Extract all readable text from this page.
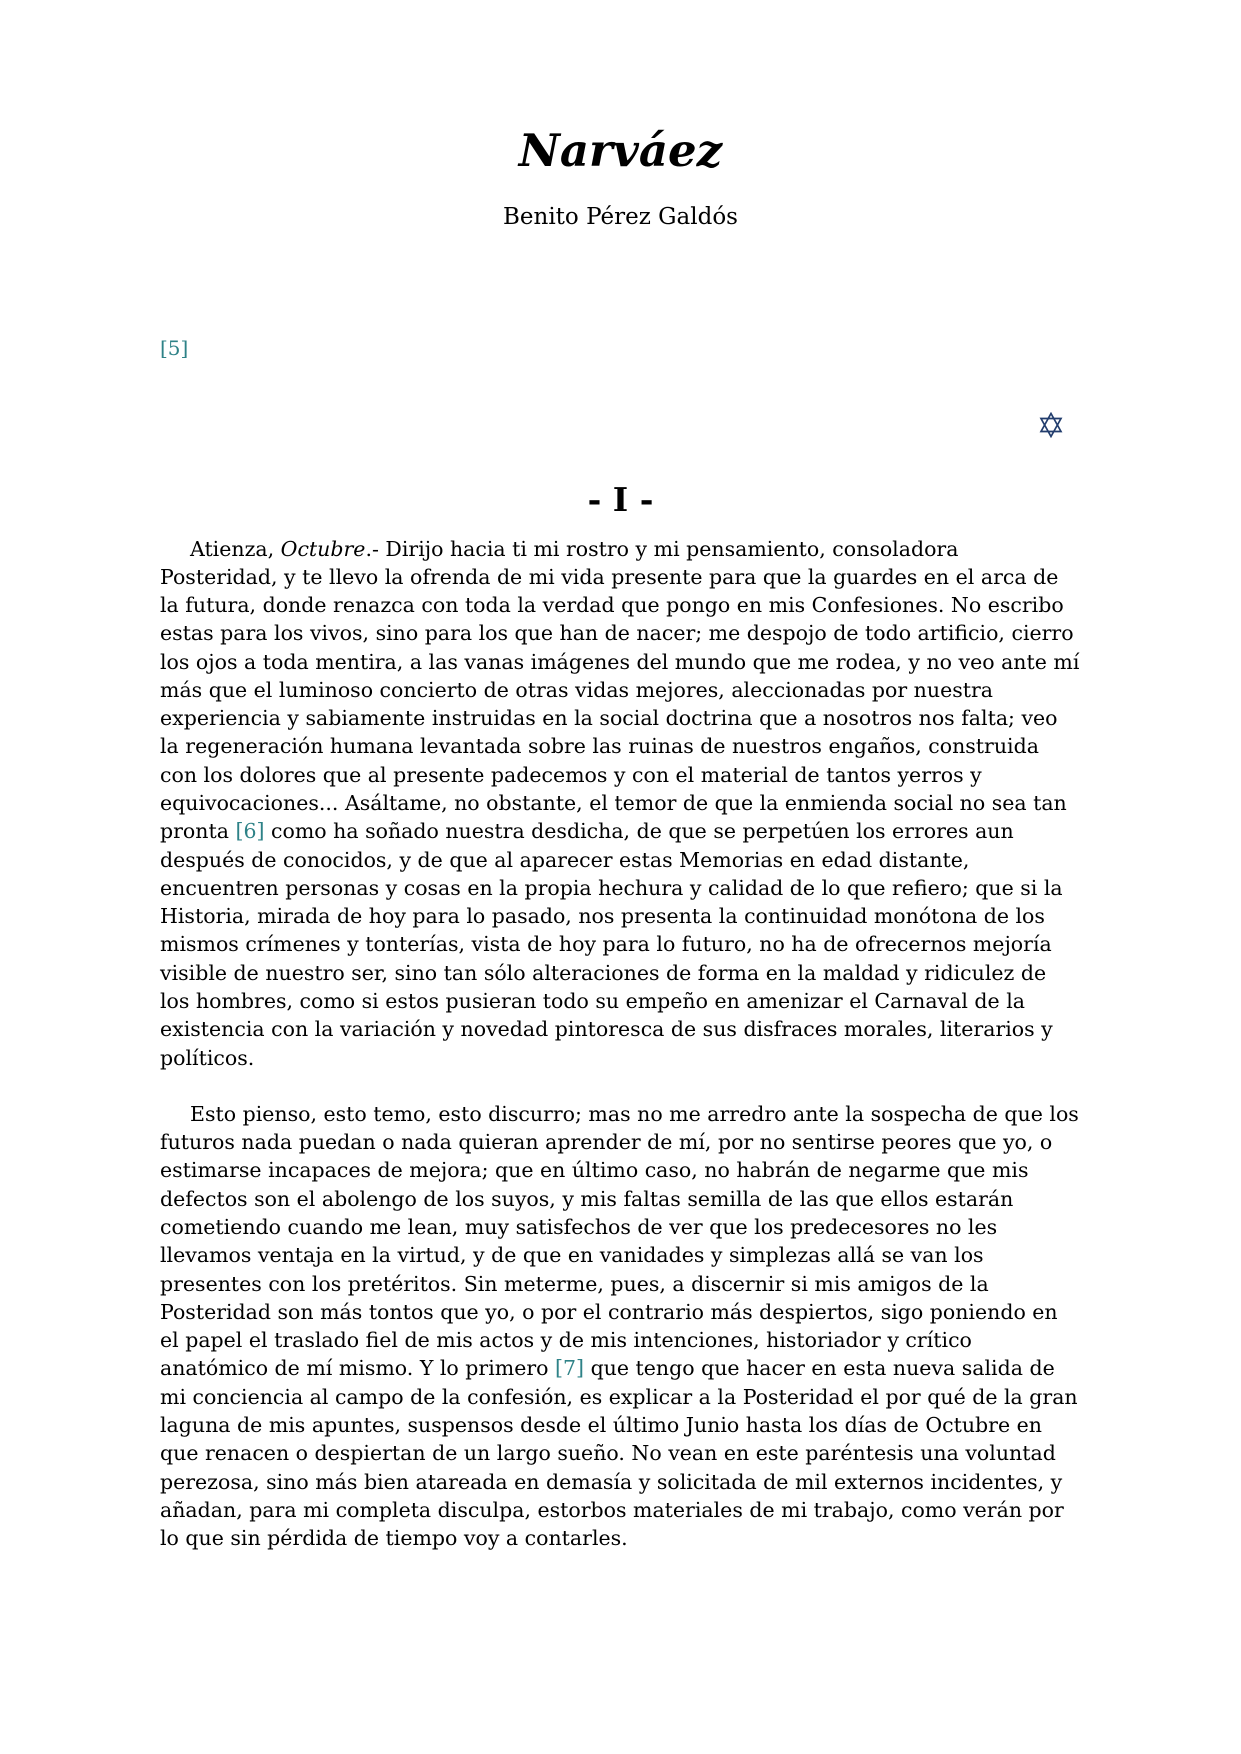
Narváez
Benito Pérez Galdós
[5]
- I -

Atienza, Octubre.- Dirijo hacia ti mi rostro y mi pensamiento, consoladora Posteridad, y te llevo la ofrenda de mi vida presente para que la guardes en el arca de la futura, donde renazca con toda la verdad que pongo en mis Confesiones. No escribo estas para los vivos, sino para los que han de nacer; me despojo de todo artificio, cierro los ojos a toda mentira, a las vanas imágenes del mundo que me rodea, y no veo ante mí más que el luminoso concierto de otras vidas mejores, aleccionadas por nuestra experiencia y sabiamente instruidas en la social doctrina que a nosotros nos falta; veo la regeneración humana levantada sobre las ruinas de nuestros engaños, construida con los dolores que al presente padecemos y con el material de tantos yerros y equivocaciones... Asáltame, no obstante, el temor de que la enmienda social no sea tan pronta [6] como ha soñado nuestra desdicha, de que se perpetúen los errores aun después de conocidos, y de que al aparecer estas Memorias en edad distante, encuentren personas y cosas en la propia hechura y calidad de lo que refiero; que si la Historia, mirada de hoy para lo pasado, nos presenta la continuidad monótona de los mismos crímenes y tonterías, vista de hoy para lo futuro, no ha de ofrecernos mejoría visible de nuestro ser, sino tan sólo alteraciones de forma en la maldad y ridiculez de los hombres, como si estos pusieran todo su empeño en amenizar el Carnaval de la existencia con la variación y novedad pintoresca de sus disfraces morales, literarios y políticos.

Esto pienso, esto temo, esto discurro; mas no me arredro ante la sospecha de que los futuros nada puedan o nada quieran aprender de mí, por no sentirse peores que yo, o estimarse incapaces de mejora; que en último caso, no habrán de negarme que mis defectos son el abolengo de los suyos, y mis faltas semilla de las que ellos estarán cometiendo cuando me lean, muy satisfechos de ver que los predecesores no les llevamos ventaja en la virtud, y de que en vanidades y simplezas allá se van los presentes con los pretéritos. Sin meterme, pues, a discernir si mis amigos de la Posteridad son más tontos que yo, o por el contrario más despiertos, sigo poniendo en el papel el traslado fiel de mis actos y de mis intenciones, historiador y crítico anatómico de mí mismo. Y lo primero [7] que tengo que hacer en esta nueva salida de mi conciencia al campo de la confesión, es explicar a la Posteridad el por qué de la gran laguna de mis apuntes, suspensos desde el último Junio hasta los días de Octubre en que renacen o despiertan de un largo sueño. No vean en este paréntesis una voluntad perezosa, sino más bien atareada en demasía y solicitada de mil externos incidentes, y añadan, para mi completa disculpa, estorbos materiales de mi trabajo, como verán por lo que sin pérdida de tiempo voy a contarles.
